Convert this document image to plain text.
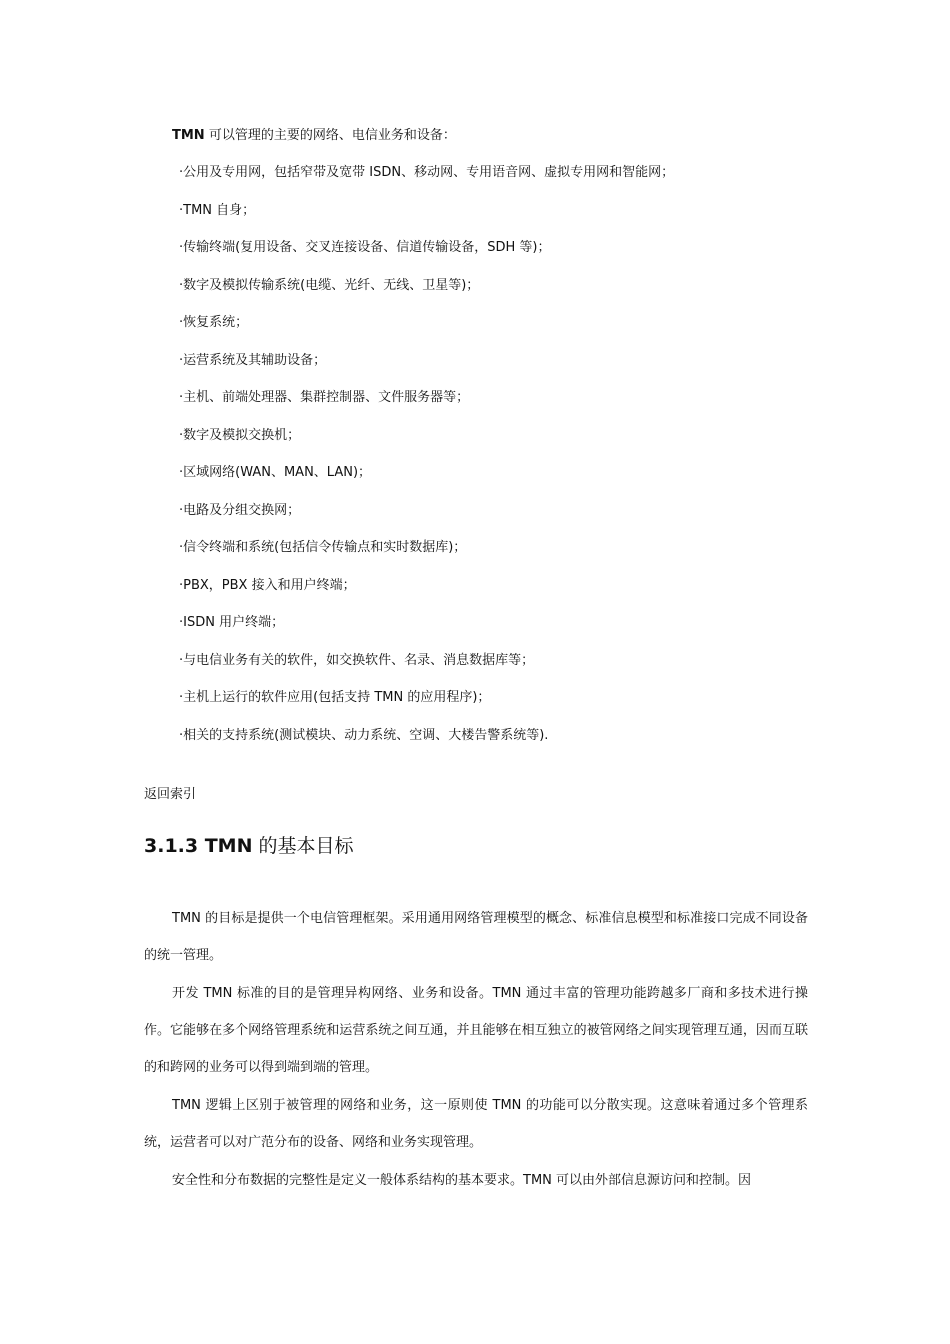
TMN 可以管理的主要的网络、电信业务和设备：
·公用及专用网，包括窄带及宽带 ISDN、移动网、专用语音网、虚拟专用网和智能网；
·TMN 自身；
·传输终端(复用设备、交叉连接设备、信道传输设备，SDH 等)；
·数字及模拟传输系统(电缆、光纤、无线、卫星等)；
·恢复系统；
·运营系统及其辅助设备；
·主机、前端处理器、集群控制器、文件服务器等；
·数字及模拟交换机；
·区域网络(WAN、MAN、LAN)；
·电路及分组交换网；
·信令终端和系统(包括信令传输点和实时数据库)；
·PBX，PBX 接入和用户终端；
·ISDN 用户终端；
·与电信业务有关的软件，如交换软件、名录、消息数据库等；
·主机上运行的软件应用(包括支持 TMN 的应用程序)；
·相关的支持系统(测试模块、动力系统、空调、大楼告警系统等).
返回索引
3.1.3 TMN 的基本目标

TMN 的目标是提供一个电信管理框架。采用通用网络管理模型的概念、标准信息模型和标准接口完成不同设备的统一管理。

开发 TMN 标准的目的是管理异构网络、业务和设备。TMN 通过丰富的管理功能跨越多厂商和多技术进行操作。它能够在多个网络管理系统和运营系统之间互通，并且能够在相互独立的被管网络之间实现管理互通，因而互联的和跨网的业务可以得到端到端的管理。

TMN 逻辑上区别于被管理的网络和业务，这一原则使 TMN 的功能可以分散实现。这意味着通过多个管理系统，运营者可以对广范分布的设备、网络和业务实现管理。

安全性和分布数据的完整性是定义一般体系结构的基本要求。TMN 可以由外部信息源访问和控制。因
